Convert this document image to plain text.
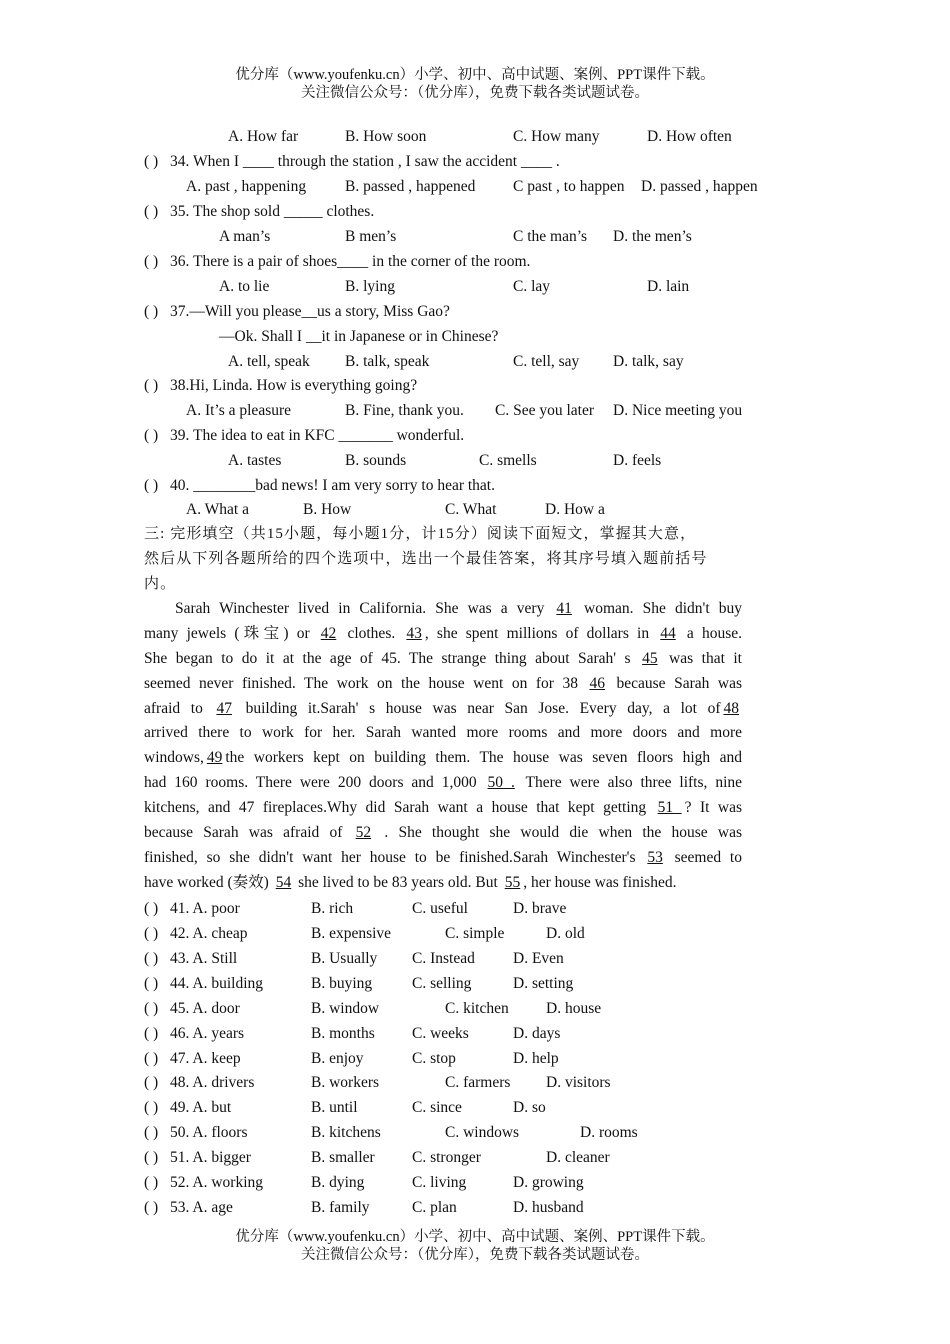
优分库（www.youfenku.cn）小学、初中、高中试题、案例、PPT课件下载。
关注微信公众号：（优分库），免费下载各类试题试卷。
A. How far	B. How soon	C. How many	D. How often
( ) 34. When I ____ through the station , I saw the accident ____ .
A. past , happening	B. passed , happened C past , to happen D. passed , happen
( ) 35. The shop sold _____ clothes.
A man’s	B men’s	C the man’s D. the men’s
( ) 36. There is a pair of shoes____ in the corner of the room.
A. to lie	B. lying	C. lay	D. lain
( ) 37.—Will you please__us a story, Miss Gao?
—Ok. Shall I __it in Japanese or in Chinese?
A. tell, speak B. talk, speak	C. tell, say D. talk, say
( ) 38.Hi, Linda. How is everything going?
A. It’s a pleasure	B. Fine, thank you. C. See you later D. Nice meeting you
( ) 39. The idea to eat in KFC _______ wonderful.
A. tastes	B. sounds	C. smells	D. feels
( ) 40. ________bad news! I am very sorry to hear that.
A. What a	B. How	C. What	D. How a
三: 完形填空（共15小题，每小题1分，计15分）阅读下面短文，掌握其大意，
然后从下列各题所给的四个选项中，选出一个最佳答案，将其序号填入题前括号
内。
  Sarah Winchester lived in California. She was a very 41 woman. She didn't buy
many jewels (珠宝) or 42 clothes. 43 , she spent millions of dollars in 44 a house.
She began to do it at the age of 45. The strange thing about Sarah' s 45 was that it
seemed never finished. The work on the house went on for 38 46 because Sarah was
afraid to 47 building it.Sarah' s house was near San Jose. Every day, a lot of 48
arrived there to work for her. Sarah wanted more rooms and more doors and more
windows, 49 the workers kept on building them. The house was seven floors high and
had 160 rooms. There were 200 doors and 1,000 50 . There were also three lifts, nine
kitchens, and 47 fireplaces.Why did Sarah want a house that kept getting 51 ? It was
because Sarah was afraid of 52 . She thought she would die when the house was
finished, so she didn't want her house to be finished.Sarah Winchester's 53 seemed to
have worked (奏效) 54 she lived to be 83 years old. But 55 , her house was finished.
( ) 41. A. poor	B. rich	C. useful	D. brave
( ) 42. A. cheap	B. expensive	C. simple	D. old
( ) 43. A. Still	B. Usually C. Instead D. Even
( ) 44. A. building	B. buying	C. selling	D. setting
( ) 45. A. door	B. window	C. kitchen D. house
( ) 46. A. years	B. months C. weeks	D. days
( ) 47. A. keep	B. enjoy	C. stop	D. help
( ) 48. A. drivers	B. workers	C. farmers D. visitors
( ) 49. A. but	B. until	C. since	D. so
( ) 50. A. floors	B. kitchens	C. windows	D. rooms
( ) 51. A. bigger	B. smaller C. stronger	D. cleaner
( ) 52. A. working	B. dying	C. living	D. growing
( ) 53. A. age	B. family	C. plan	D. husband
优分库（www.youfenku.cn）小学、初中、高中试题、案例、PPT课件下载。
关注微信公众号：（优分库），免费下载各类试题试卷。
